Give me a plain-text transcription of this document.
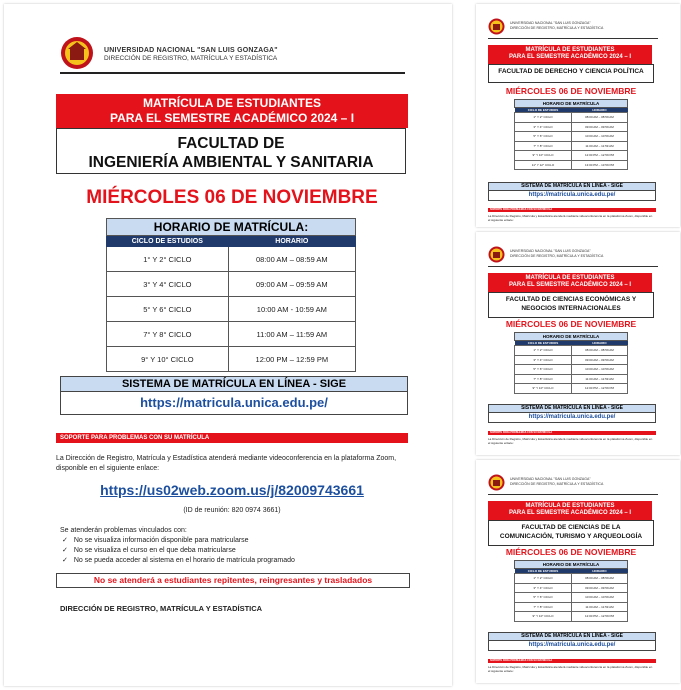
UNIVERSIDAD NACIONAL "SAN LUIS GONZAGA"
DIRECCIÓN DE REGISTRO, MATRÍCULA Y ESTADÍSTICA
MATRÍCULA DE ESTUDIANTES
PARA EL SEMESTRE ACADÉMICO 2024 – I
FACULTAD DE
INGENIERÍA AMBIENTAL Y SANITARIA
MIÉRCOLES 06 DE NOVIEMBRE
HORARIO DE MATRÍCULA:
CICLO DE ESTUDIOS	HORARIO
1° Y 2° CICLO	08:00 AM – 08:59 AM
3° Y 4° CICLO	09:00 AM – 09:59 AM
5° Y 6° CICLO	10:00 AM - 10:59 AM
7° Y 8° CICLO	11:00 AM – 11:59 AM
9° Y 10° CICLO	12:00 PM – 12:59 PM
SISTEMA DE MATRÍCULA EN LÍNEA - SIGE
https://matricula.unica.edu.pe/
SOPORTE PARA PROBLEMAS CON SU MATRÍCULA
La Dirección de Registro, Matrícula y Estadística atenderá mediante videoconferencia en la plataforma Zoom, disponible en el siguiente enlace:
https://us02web.zoom.us/j/82009743661
(ID de reunión: 820 0974 3661)
Se atenderán problemas vinculados con:
✓ No se visualiza información disponible para matricularse
✓ No se visualiza el curso en el que deba matricularse
✓ No se pueda acceder al sistema en el horario de matrícula programado
No se atenderá a estudiantes repitentes, reingresantes y trasladados
DIRECCIÓN DE REGISTRO, MATRÍCULA Y ESTADÍSTICA
UNIVERSIDAD NACIONAL "SAN LUIS GONZAGA"
DIRECCIÓN DE REGISTRO, MATRÍCULA Y ESTADÍSTICA
MATRÍCULA DE ESTUDIANTES
PARA EL SEMESTRE ACADÉMICO 2024 – I
FACULTAD DE DERECHO Y CIENCIA POLÍTICA
MIÉRCOLES 06 DE NOVIEMBRE
HORARIO DE MATRÍCULA
CICLO DE ESTUDIOS	HORARIO
1° Y 2° CICLO	08:00 AM – 08:59 AM
3° Y 4° CICLO	09:00 AM – 09:59 AM
5° Y 6° CICLO	10:00 AM – 10:59 AM
7° Y 8° CICLO	11:00 AM – 11:59 AM
9° Y 10° CICLO	12:00 PM – 12:59 PM
11° Y 12° CICLO	13:00 PM – 13:59 PM
SISTEMA DE MATRÍCULA EN LÍNEA - SIGE
https://matricula.unica.edu.pe/
SOPORTE PARA PROBLEMAS CON SU MATRÍCULA
La Dirección de Registro, Matrícula y Estadística atenderá mediante videoconferencia en la plataforma Zoom, disponible en el siguiente enlace:
UNIVERSIDAD NACIONAL "SAN LUIS GONZAGA"
DIRECCIÓN DE REGISTRO, MATRÍCULA Y ESTADÍSTICA
MATRÍCULA DE ESTUDIANTES
PARA EL SEMESTRE ACADÉMICO 2024 – I
FACULTAD DE CIENCIAS ECONÓMICAS Y
NEGOCIOS INTERNACIONALES
MIÉRCOLES 06 DE NOVIEMBRE
HORARIO DE MATRÍCULA
CICLO DE ESTUDIOS	HORARIO
1° Y 2° CICLO	08:00 AM – 08:59 AM
3° Y 4° CICLO	09:00 AM – 09:59 AM
5° Y 6° CICLO	10:00 AM – 10:59 AM
7° Y 8° CICLO	11:00 AM – 11:59 AM
9° Y 10° CICLO	12:00 PM – 12:59 PM
SISTEMA DE MATRÍCULA EN LÍNEA - SIGE
https://matricula.unica.edu.pe/
SOPORTE PARA PROBLEMAS CON SU MATRÍCULA
La Dirección de Registro, Matrícula y Estadística atenderá mediante videoconferencia en la plataforma Zoom, disponible en el siguiente enlace:
UNIVERSIDAD NACIONAL "SAN LUIS GONZAGA"
DIRECCIÓN DE REGISTRO, MATRÍCULA Y ESTADÍSTICA
MATRÍCULA DE ESTUDIANTES
PARA EL SEMESTRE ACADÉMICO 2024 – I
FACULTAD DE CIENCIAS DE LA
COMUNICACIÓN, TURISMO Y ARQUEOLOGÍA
MIÉRCOLES 06 DE NOVIEMBRE
HORARIO DE MATRÍCULA
CICLO DE ESTUDIOS	HORARIO
1° Y 2° CICLO	08:00 AM – 08:59 AM
3° Y 4° CICLO	09:00 AM – 09:59 AM
5° Y 6° CICLO	10:00 AM – 10:59 AM
7° Y 8° CICLO	11:00 AM – 11:59 AM
9° Y 10° CICLO	12:00 PM – 12:59 PM
SISTEMA DE MATRÍCULA EN LÍNEA - SIGE
https://matricula.unica.edu.pe/
SOPORTE PARA PROBLEMAS CON SU MATRÍCULA
La Dirección de Registro, Matrícula y Estadística atenderá mediante videoconferencia en la plataforma Zoom, disponible en el siguiente enlace:
